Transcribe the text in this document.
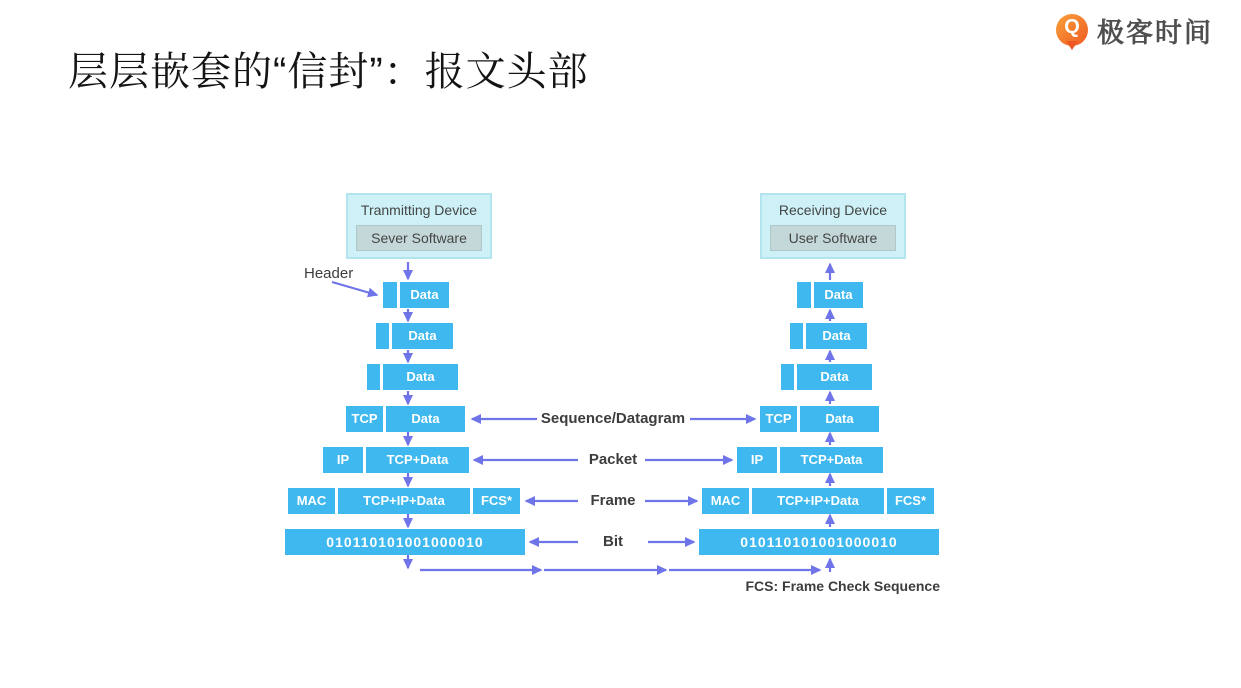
层层嵌套的“信封”：报文头部
Q 极客时间
Tranmitting Device
Sever Software
Receiving Device
User Software
Header
Sequence/Datagram
Packet
Frame
Bit
FCS: Frame Check Sequence
Data
Data
Data
TCP	Data
IP	TCP+Data
MAC	TCP+IP+Data	FCS*
010110101001000010
Data
Data
Data
TCP	Data
IP	TCP+Data
MAC	TCP+IP+Data	FCS*
010110101001000010
